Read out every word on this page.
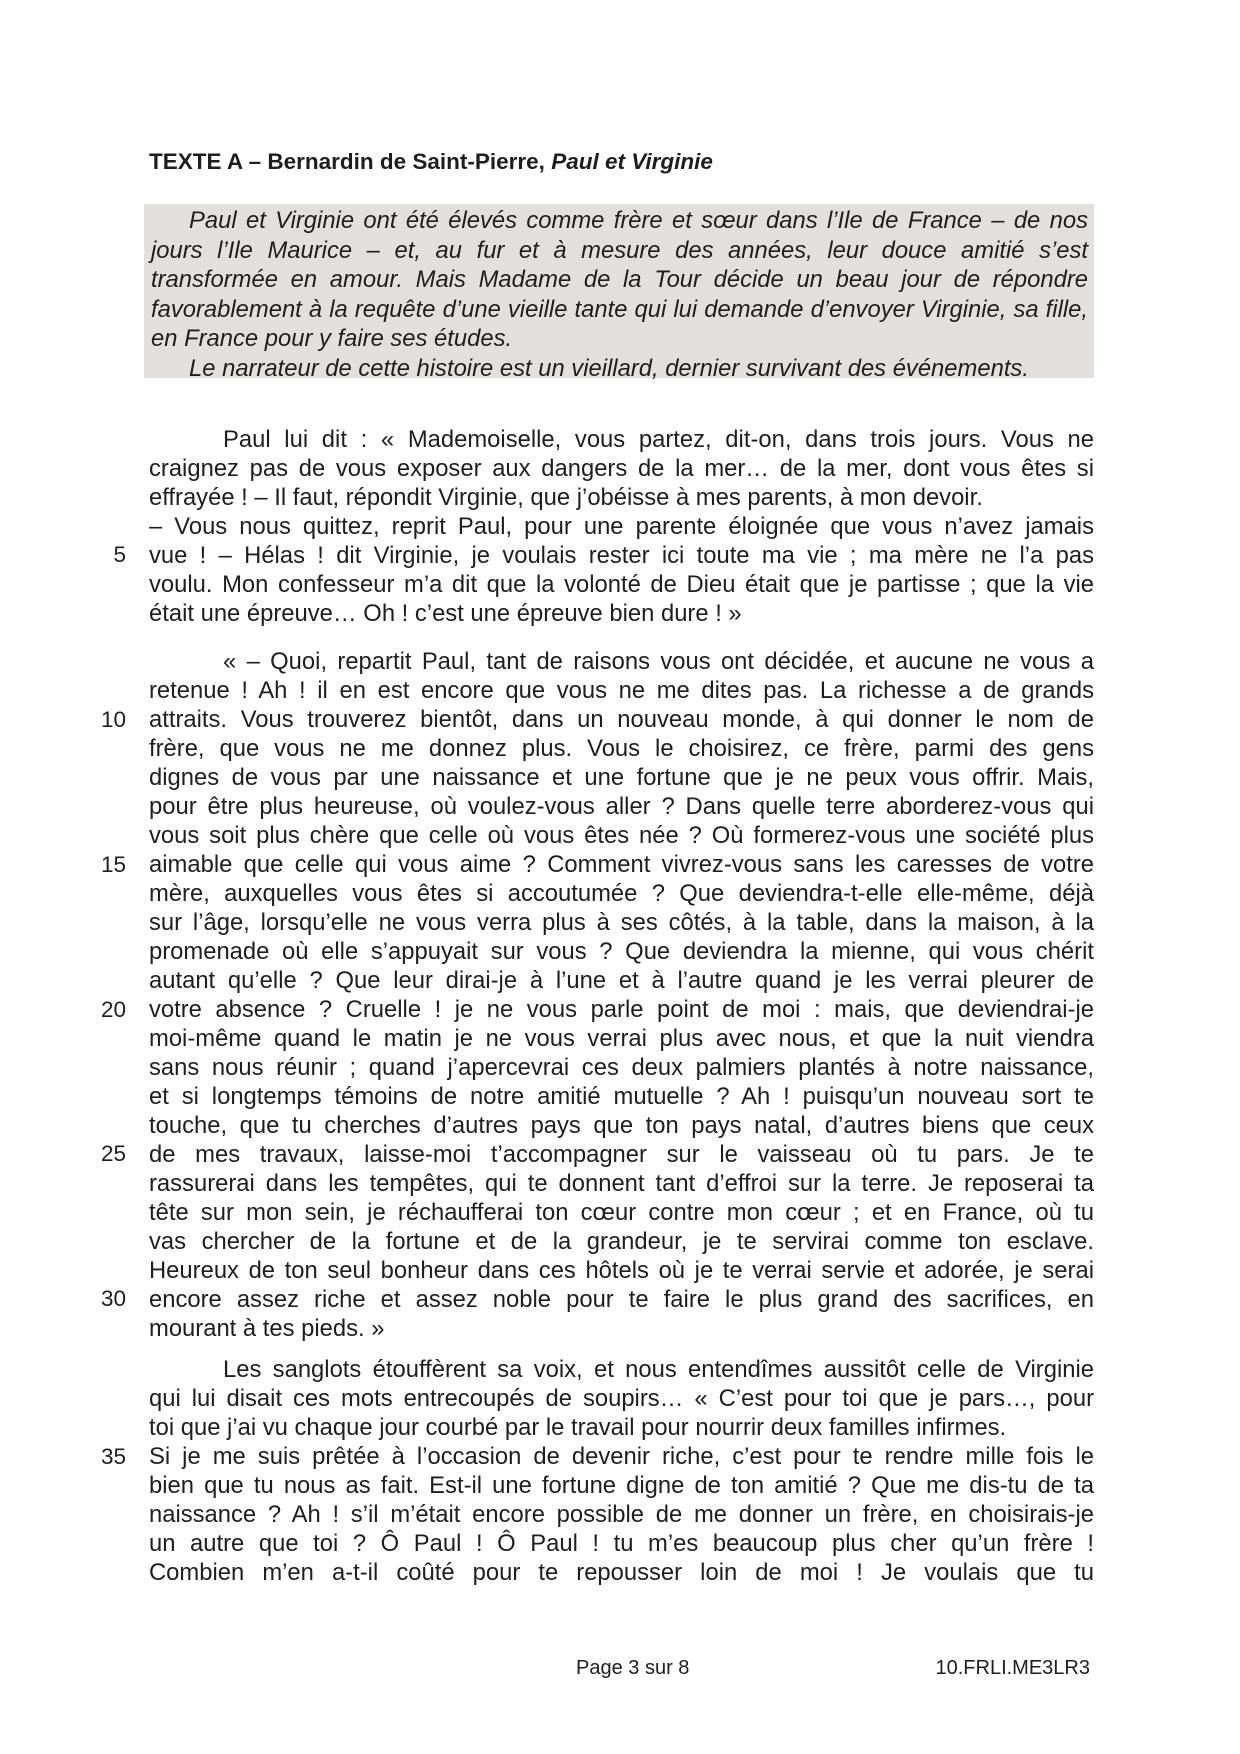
TEXTE A – Bernardin de Saint-Pierre, Paul et Virginie

Paul et Virginie ont été élevés comme frère et sœur dans l’Ile de France – de nos jours l’Ile Maurice – et, au fur et à mesure des années, leur douce amitié s’est transformée en amour. Mais Madame de la Tour décide un beau jour de répondre favorablement à la requête d’une vieille tante qui lui demande d’envoyer Virginie, sa fille, en France pour y faire ses études.

Le narrateur de cette histoire est un vieillard, dernier survivant des événements.

Paul lui dit : « Mademoiselle, vous partez, dit-on, dans trois jours. Vous ne
craignez pas de vous exposer aux dangers de la mer… de la mer, dont vous êtes si
effrayée ! – Il faut, répondit Virginie, que j’obéisse à mes parents, à mon devoir.
– Vous nous quittez, reprit Paul, pour une parente éloignée que vous n’avez jamais
vue ! – Hélas ! dit Virginie, je voulais rester ici toute ma vie ; ma mère ne l’a pas
voulu. Mon confesseur m’a dit que la volonté de Dieu était que je partisse ; que la vie
était une épreuve… Oh ! c’est une épreuve bien dure ! »
« – Quoi, repartit Paul, tant de raisons vous ont décidée, et aucune ne vous a
retenue ! Ah ! il en est encore que vous ne me dites pas. La richesse a de grands
attraits. Vous trouverez bientôt, dans un nouveau monde, à qui donner le nom de
frère, que vous ne me donnez plus. Vous le choisirez, ce frère, parmi des gens
dignes de vous par une naissance et une fortune que je ne peux vous offrir. Mais,
pour être plus heureuse, où voulez-vous aller ? Dans quelle terre aborderez-vous qui
vous soit plus chère que celle où vous êtes née ? Où formerez-vous une société plus
aimable que celle qui vous aime ? Comment vivrez-vous sans les caresses de votre
mère, auxquelles vous êtes si accoutumée ? Que deviendra-t-elle elle-même, déjà
sur l’âge, lorsqu’elle ne vous verra plus à ses côtés, à la table, dans la maison, à la
promenade où elle s’appuyait sur vous ? Que deviendra la mienne, qui vous chérit
autant qu’elle ? Que leur dirai-je à l’une et à l’autre quand je les verrai pleurer de
votre absence ? Cruelle ! je ne vous parle point de moi : mais, que deviendrai-je
moi-même quand le matin je ne vous verrai plus avec nous, et que la nuit viendra
sans nous réunir ; quand j’apercevrai ces deux palmiers plantés à notre naissance,
et si longtemps témoins de notre amitié mutuelle ? Ah ! puisqu’un nouveau sort te
touche, que tu cherches d’autres pays que ton pays natal, d’autres biens que ceux
de mes travaux, laisse-moi t’accompagner sur le vaisseau où tu pars. Je te
rassurerai dans les tempêtes, qui te donnent tant d’effroi sur la terre. Je reposerai ta
tête sur mon sein, je réchaufferai ton cœur contre mon cœur ; et en France, où tu
vas chercher de la fortune et de la grandeur, je te servirai comme ton esclave.
Heureux de ton seul bonheur dans ces hôtels où je te verrai servie et adorée, je serai
encore assez riche et assez noble pour te faire le plus grand des sacrifices, en
mourant à tes pieds. »
Les sanglots étouffèrent sa voix, et nous entendîmes aussitôt celle de Virginie
qui lui disait ces mots entrecoupés de soupirs… « C’est pour toi que je pars…, pour
toi que j’ai vu chaque jour courbé par le travail pour nourrir deux familles infirmes.
Si je me suis prêtée à l’occasion de devenir riche, c’est pour te rendre mille fois le
bien que tu nous as fait. Est-il une fortune digne de ton amitié ? Que me dis-tu de ta
naissance ? Ah ! s’il m’était encore possible de me donner un frère, en choisirais-je
un autre que toi ? Ô Paul ! Ô Paul ! tu m’es beaucoup plus cher qu’un frère !
Combien m’en a-t-il coûté pour te repousser loin de moi ! Je voulais que tu
5
10
15
20
25
30
35
Page 3 sur 8	10.FRLI.ME3LR3
